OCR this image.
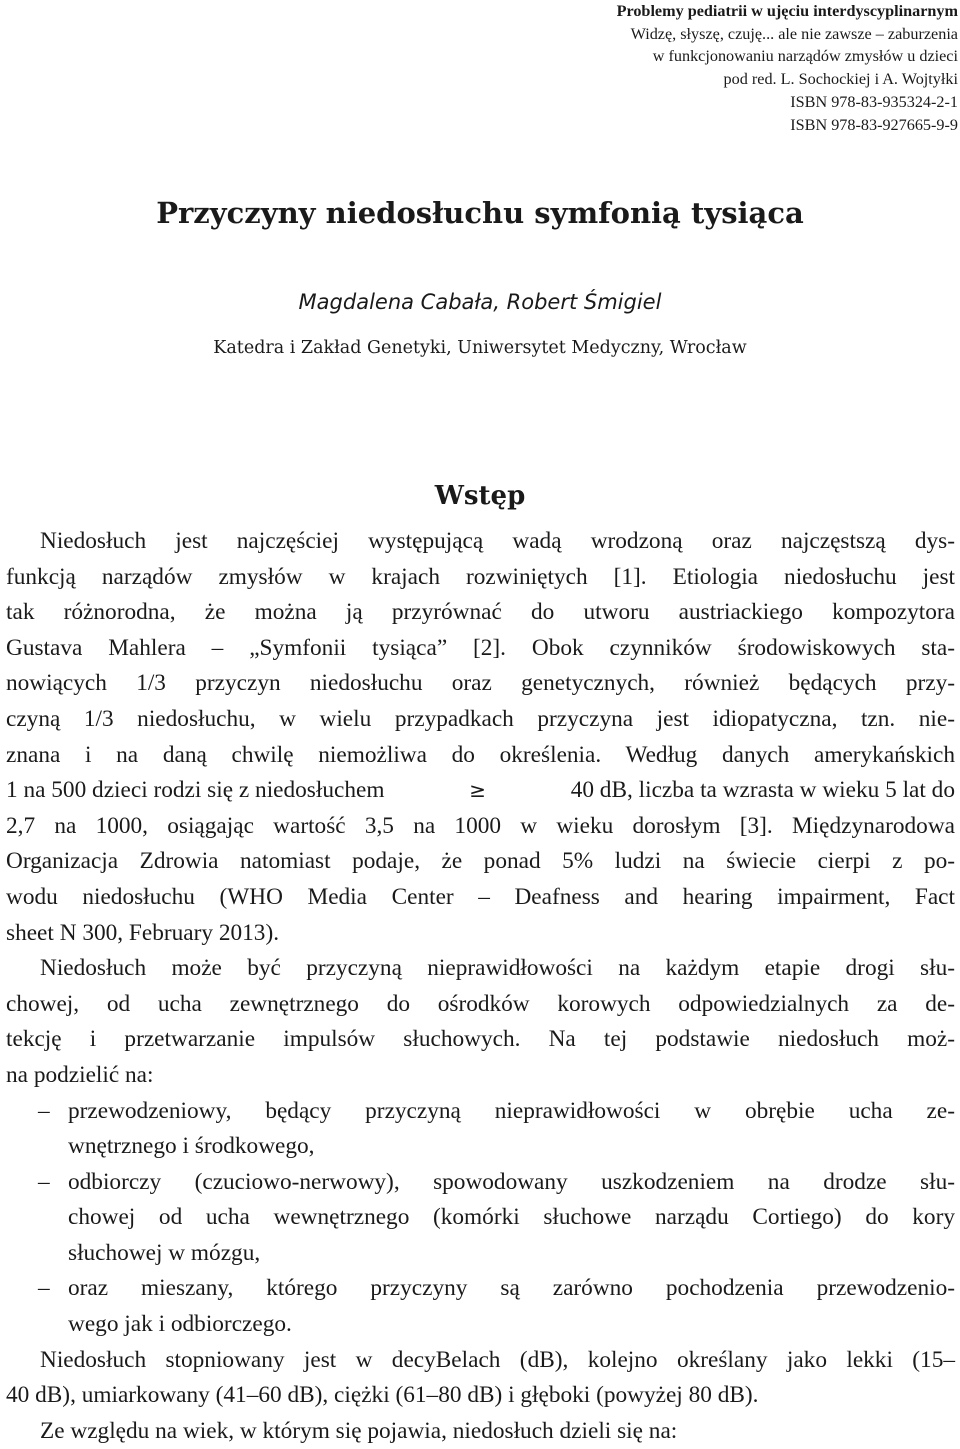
Problemy pediatrii w ujęciu interdyscyplinarnym
Widzę, słyszę, czuję... ale nie zawsze – zaburzenia
w funkcjonowaniu narządów zmysłów u dzieci
pod red. L. Sochockiej i A. Wojtyłki
ISBN 978-83-935324-2-1
ISBN 978-83-927665-9-9
Przyczyny niedosłuchu symfonią tysiąca
Magdalena Cabała, Robert Śmigiel
Katedra i Zakład Genetyki, Uniwersytet Medyczny, Wrocław
Wstęp
Niedosłuch jest najczęściej występującą wadą wrodzoną oraz najczęstszą dys-
funkcją narządów zmysłów w krajach rozwiniętych [1]. Etiologia niedosłuchu jest
tak różnorodna, że można ją przyrównać do utworu austriackiego kompozytora
Gustava Mahlera – „Symfonii tysiąca” [2]. Obok czynników środowiskowych sta-
nowiących 1/3 przyczyn niedosłuchu oraz genetycznych, również będących przy-
czyną 1/3 niedosłuchu, w wielu przypadkach przyczyna jest idiopatyczna, tzn. nie-
znana i na daną chwilę niemożliwa do określenia. Według danych amerykańskich
1 na 500 dzieci rodzi się z niedosłuchem	≥	40 dB, liczba ta wzrasta w wieku 5 lat do
2,7 na 1000, osiągając wartość 3,5 na 1000 w wieku dorosłym [3]. Międzynarodowa
Organizacja Zdrowia natomiast podaje, że ponad 5% ludzi na świecie cierpi z po-
wodu niedosłuchu (WHO Media Center – Deafness and hearing impairment, Fact
sheet N 300, February 2013).
Niedosłuch może być przyczyną nieprawidłowości na każdym etapie drogi słu-
chowej, od ucha zewnętrznego do ośrodków korowych odpowiedzialnych za de-
tekcję i przetwarzanie impulsów słuchowych. Na tej podstawie niedosłuch moż-
na podzielić na:
– przewodzeniowy, będący przyczyną nieprawidłowości w obrębie ucha ze-
wnętrznego i środkowego,
– odbiorczy (czuciowo-nerwowy), spowodowany uszkodzeniem na drodze słu-
chowej od ucha wewnętrznego (komórki słuchowe narządu Cortiego) do kory
słuchowej w mózgu,
– oraz mieszany, którego przyczyny są zarówno pochodzenia przewodzenio-
wego jak i odbiorczego.
Niedosłuch stopniowany jest w decyBelach (dB), kolejno określany jako lekki (15–
40 dB), umiarkowany (41–60 dB), ciężki (61–80 dB) i głęboki (powyżej 80 dB).
Ze względu na wiek, w którym się pojawia, niedosłuch dzieli się na:
